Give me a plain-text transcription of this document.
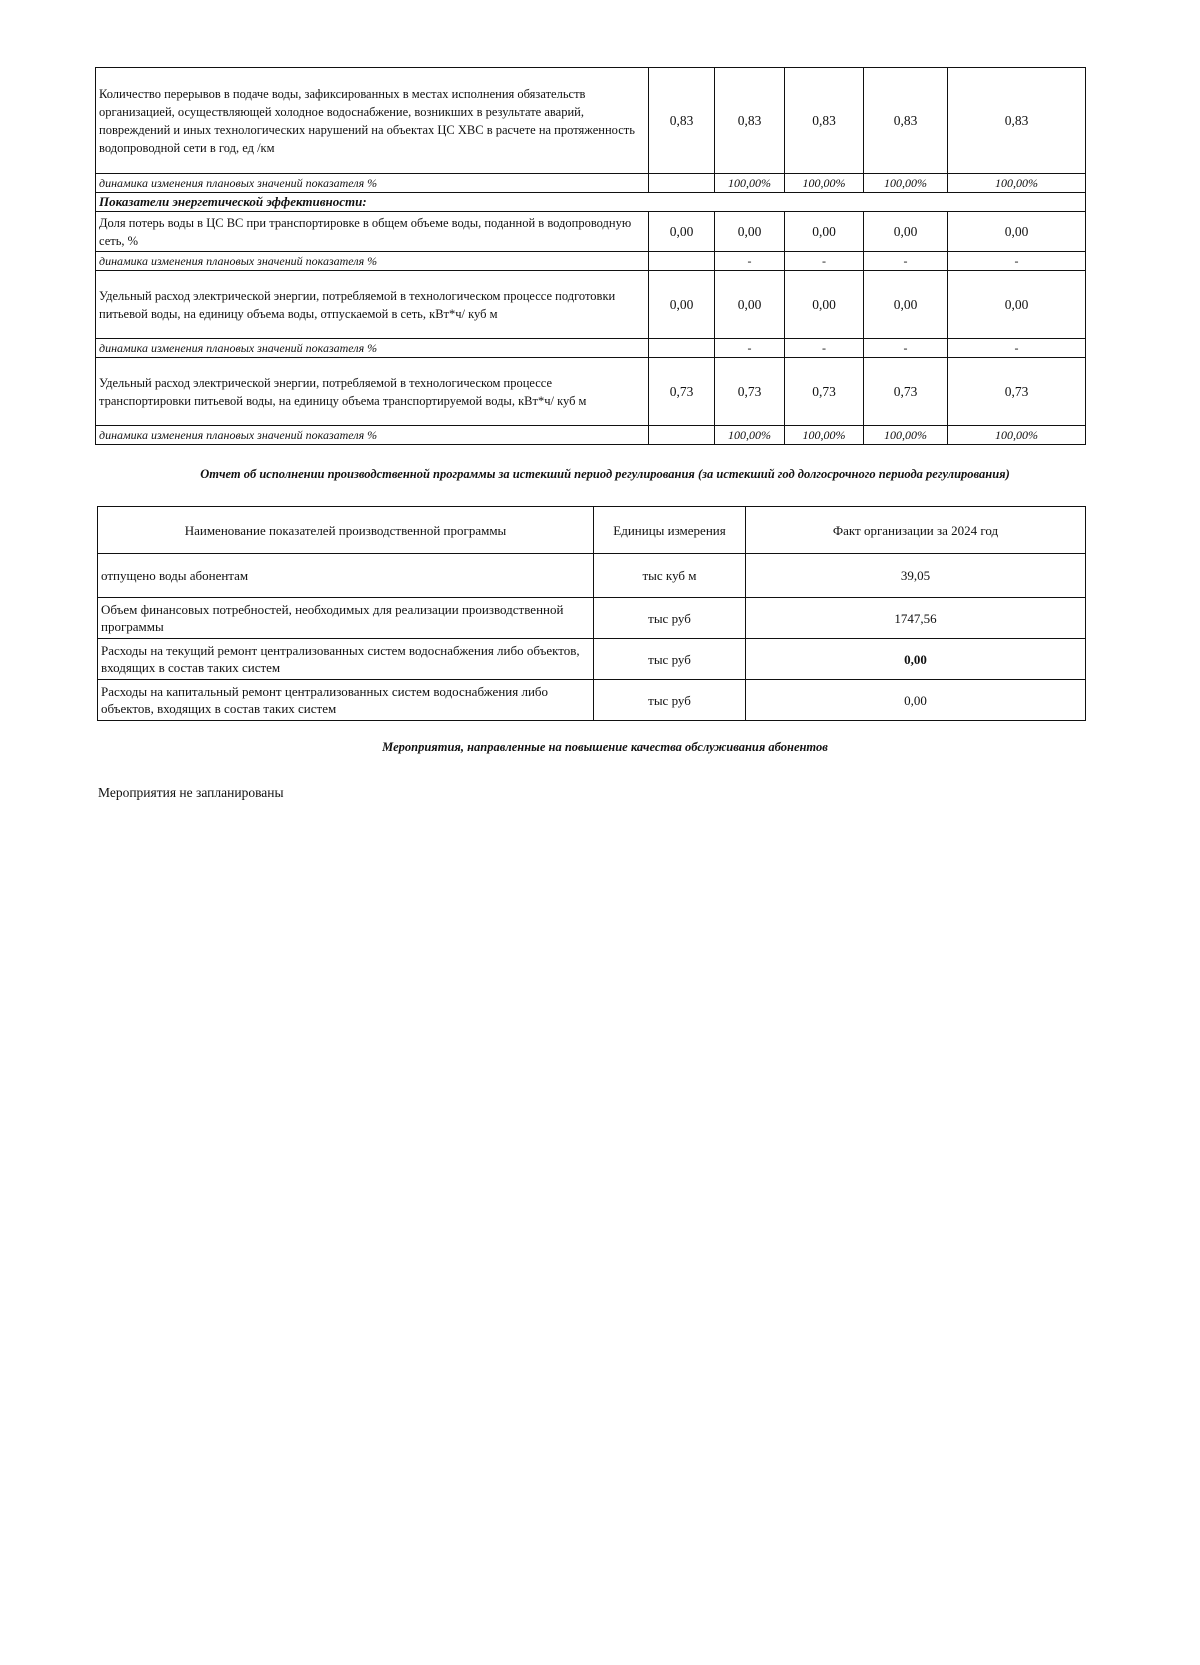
Количество перерывов в подаче воды, зафиксированных в местах исполнения обязательств организацией, осуществляющей холодное водоснабжение, возникших в результате аварий, повреждений и иных технологических нарушений на объектах ЦС ХВС в расчете на протяженность водопроводной сети в год, ед /км	0,83	0,83	0,83	0,83	0,83
динамика изменения плановых значений показателя %		100,00%	100,00%	100,00%	100,00%
Показатели энергетической эффективности:					
Доля потерь воды в ЦС ВС при транспортировке в общем объеме воды, поданной в водопроводную сеть, %	0,00	0,00	0,00	0,00	0,00
динамика изменения плановых значений показателя %		-	-	-	-
Удельный расход электрической энергии, потребляемой в технологическом процессе подготовки питьевой воды, на единицу объема воды, отпускаемой в сеть, кВт*ч/ куб м	0,00	0,00	0,00	0,00	0,00
динамика изменения плановых значений показателя %		-	-	-	-
Удельный расход электрической энергии, потребляемой в технологическом процессе транспортировки питьевой воды, на единицу объема транспортируемой воды, кВт*ч/ куб м	0,73	0,73	0,73	0,73	0,73
динамика изменения плановых значений показателя %		100,00%	100,00%	100,00%	100,00%
Отчет об исполнении производственной программы за истекший период регулирования (за истекший год долгосрочного периода регулирования)
Наименование показателей производственной программы	Единицы измерения	Факт организации за 2024 год
отпущено воды абонентам	тыс куб м	39,05
Объем финансовых потребностей, необходимых для реализации производственной программы	тыс руб	1747,56
Расходы на текущий ремонт централизованных систем водоснабжения либо объектов, входящих в состав таких систем	тыс руб	0,00
Расходы на капитальный ремонт централизованных систем водоснабжения либо объектов, входящих в состав таких систем	тыс руб	0,00
Мероприятия, направленные на повышение качества обслуживания абонентов
Мероприятия не запланированы
